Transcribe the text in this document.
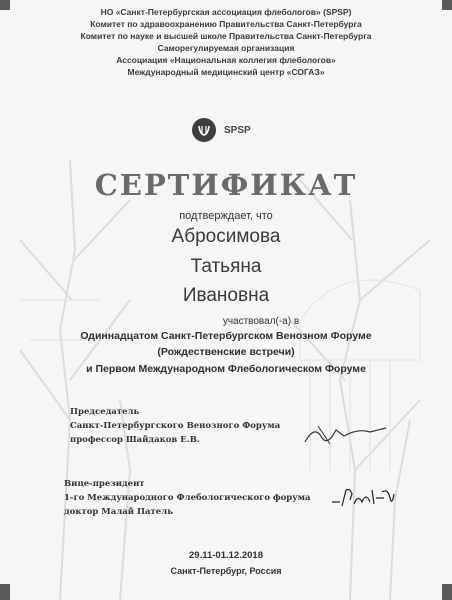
НО «Санкт-Петербургская ассоциация флебологов» (SPSP)
Комитет по здравоохранению Правительства Санкт-Петербурга
Комитет по науке и высшей школе Правительства Санкт-Петербурга
Саморегулируемая организация
Ассоциация «Национальная коллегия флебологов»
Международный медицинский центр «СОГАЗ»
SPSP
СЕРТИФИКАТ
подтверждает, что
Абросимова
Татьяна
Ивановна
участвовал(-а) в
Одиннадцатом Санкт-Петербургском Венозном Форуме
(Рождественские встречи)
и Первом Международном Флебологическом Форуме
Председатель
Санкт-Петербургского Венозного Форума
профессор Шайдаков Е.В.
Вице-президент
1-го Международного Флебологического форума
доктор Малай Патель
29.11-01.12.2018
Санкт-Петербург, Россия
